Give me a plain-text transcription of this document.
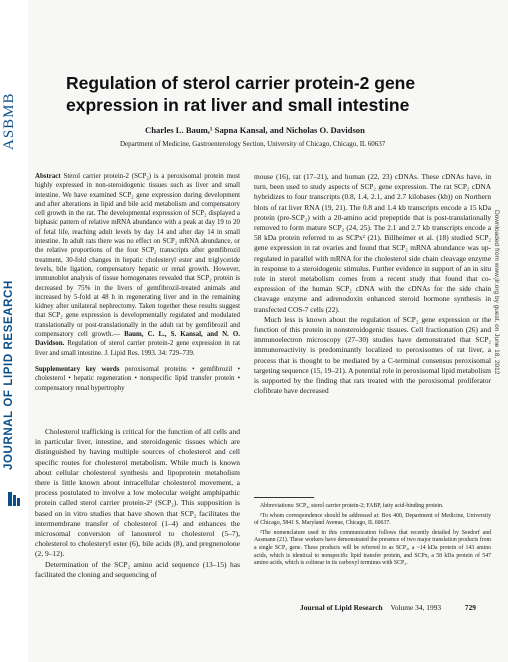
ASBMB
JOURNAL OF LIPID RESEARCH	Downloaded from www.jlr.org by guest, on June 18, 2012
Regulation of sterol carrier protein-2 gene expression in rat liver and small intestine
Charles L. Baum,¹ Sapna Kansal, and Nicholas O. Davidson
Department of Medicine, Gastroenterology Section, University of Chicago, Chicago, IL 60637

Abstract Sterol carrier protein-2 (SCP₂) is a peroxisomal protein most highly expressed in non-steroidogenic tissues such as liver and small intestine. We have examined SCP₂ gene expression during development and after alterations in lipid and bile acid metabolism and compensatory cell growth in the rat. The developmental expression of SCP₂ displayed a biphasic pattern of relative mRNA abundance with a peak at day 19 to 20 of fetal life, reaching adult levels by day 14 and after day 14 in small intestine. In adult rats there was no effect on SCP₂ mRNA abundance, or the relative proportions of the four SCP₂ transcripts after gemfibrozil treatment, 30-fold changes in hepatic cholesteryl ester and triglyceride levels, bile ligation, compensatory hepatic or renal growth. However, immunoblot analysis of tissue homogenates revealed that SCP₂ protein is decreased by 75% in the livers of gemfibrozil-treated animals and increased by 5-fold at 48 h in regenerating liver and in the remaining kidney after unilateral nephrectomy. Taken together these results suggest that SCP₂ gene expression is developmentally regulated and modulated translationally or post-translationally in the adult rat by gemfibrozil and compensatory cell growth.— Baum, C. L., S. Kansal, and N. O. Davidson. Regulation of sterol carrier protein-2 gene expression in rat liver and small intestine. J. Lipid Res. 1993. 34: 729–739.

Supplementary key words peroxisomal proteins • gemfibrozil • cholesterol • hepatic regeneration • nonspecific lipid transfer protein • compensatory renal hypertrophy

Cholesterol trafficking is critical for the function of all cells and in particular liver, intestine, and steroidogenic tissues which are distinguished by having multiple sources of cholesterol and cell specific routes for cholesterol metabolism. While much is known about cellular cholesterol synthesis and lipoprotein metabolism there is little known about intracellular cholesterol movement, a process postulated to involve a low molecular weight amphipathic protein called sterol carrier protein-2² (SCP₂). This supposition is based on in vitro studies that have shown that SCP₂ facilitates the intermembrane transfer of cholesterol (1–4) and enhances the microsomal conversion of lanosterol to cholesterol (5–7), cholesterol to cholesteryl ester (6), bile acids (8), and pregnenolone (2, 9–12).

Determination of the SCP₂ amino acid sequence (13–15) has facilitated the cloning and sequencing of

mouse (16), rat (17–21), and human (22, 23) cDNAs. These cDNAs have, in turn, been used to study aspects of SCP₂ gene expression. The rat SCP₂ cDNA hybridizes to four transcripts (0.8, 1.4, 2.1, and 2.7 kilobases (kb)) on Northern blots of rat liver RNA (19, 21). The 0.8 and 1.4 kb transcripts encode a 15 kDa protein (pre-SCP₂) with a 20-amino acid prepeptide that is post-translationally removed to form mature SCP₂ (24, 25). The 2.1 and 2.7 kb transcripts encode a 58 kDa protein referred to as SCPx² (21). Billheimer et al. (18) studied SCP₂ gene expression in rat ovaries and found that SCP₂ mRNA abundance was up-regulated in parallel with mRNA for the cholesterol side chain cleavage enzyme in response to a steroidogenic stimulus. Further evidence in support of an in situ role in sterol metabolism comes from a recent study that found that co-expression of the human SCP₂ cDNA with the cDNAs for the side chain cleavage enzyme and adrenodoxin enhanced steroid hormone synthesis in transfected COS-7 cells (22).

Much less is known about the regulation of SCP₂ gene expression or the function of this protein in nonsteroidogenic tissues. Cell fractionation (26) and immunoelectron microscopy (27–30) studies have demonstrated that SCP₂ immunoreactivity is predominantly localized to peroxisomes of rat liver, a process that is thought to be mediated by a C-terminal consensus peroxisomal targeting sequence (15, 19–21). A potential role in peroxisomal lipid metabolism is supported by the finding that rats treated with the peroxisomal proliferator clofibrate have decreased

Abbreviations: SCP₂, sterol carrier protein-2; FABP, fatty acid-binding protein.

¹To whom correspondence should be addressed at: Box 400, Department of Medicine, University of Chicago, 5841 S. Maryland Avenue, Chicago, IL 60637.

²The nomenclature used in this communication follows that recently detailed by Seedorf and Assmann (21). These workers have demonstrated the presence of two major translation products from a single SCP₂ gene. These products will be referred to as SCP₂, a ~14 kDa protein of 143 amino acids, which is identical to nonspecific lipid transfer protein, and SCPx, a 58 kDa protein of 547 amino acids, which is colinear in its carboxyl terminus with SCP₂.

Journal of Lipid Research Volume 34, 1993	729
